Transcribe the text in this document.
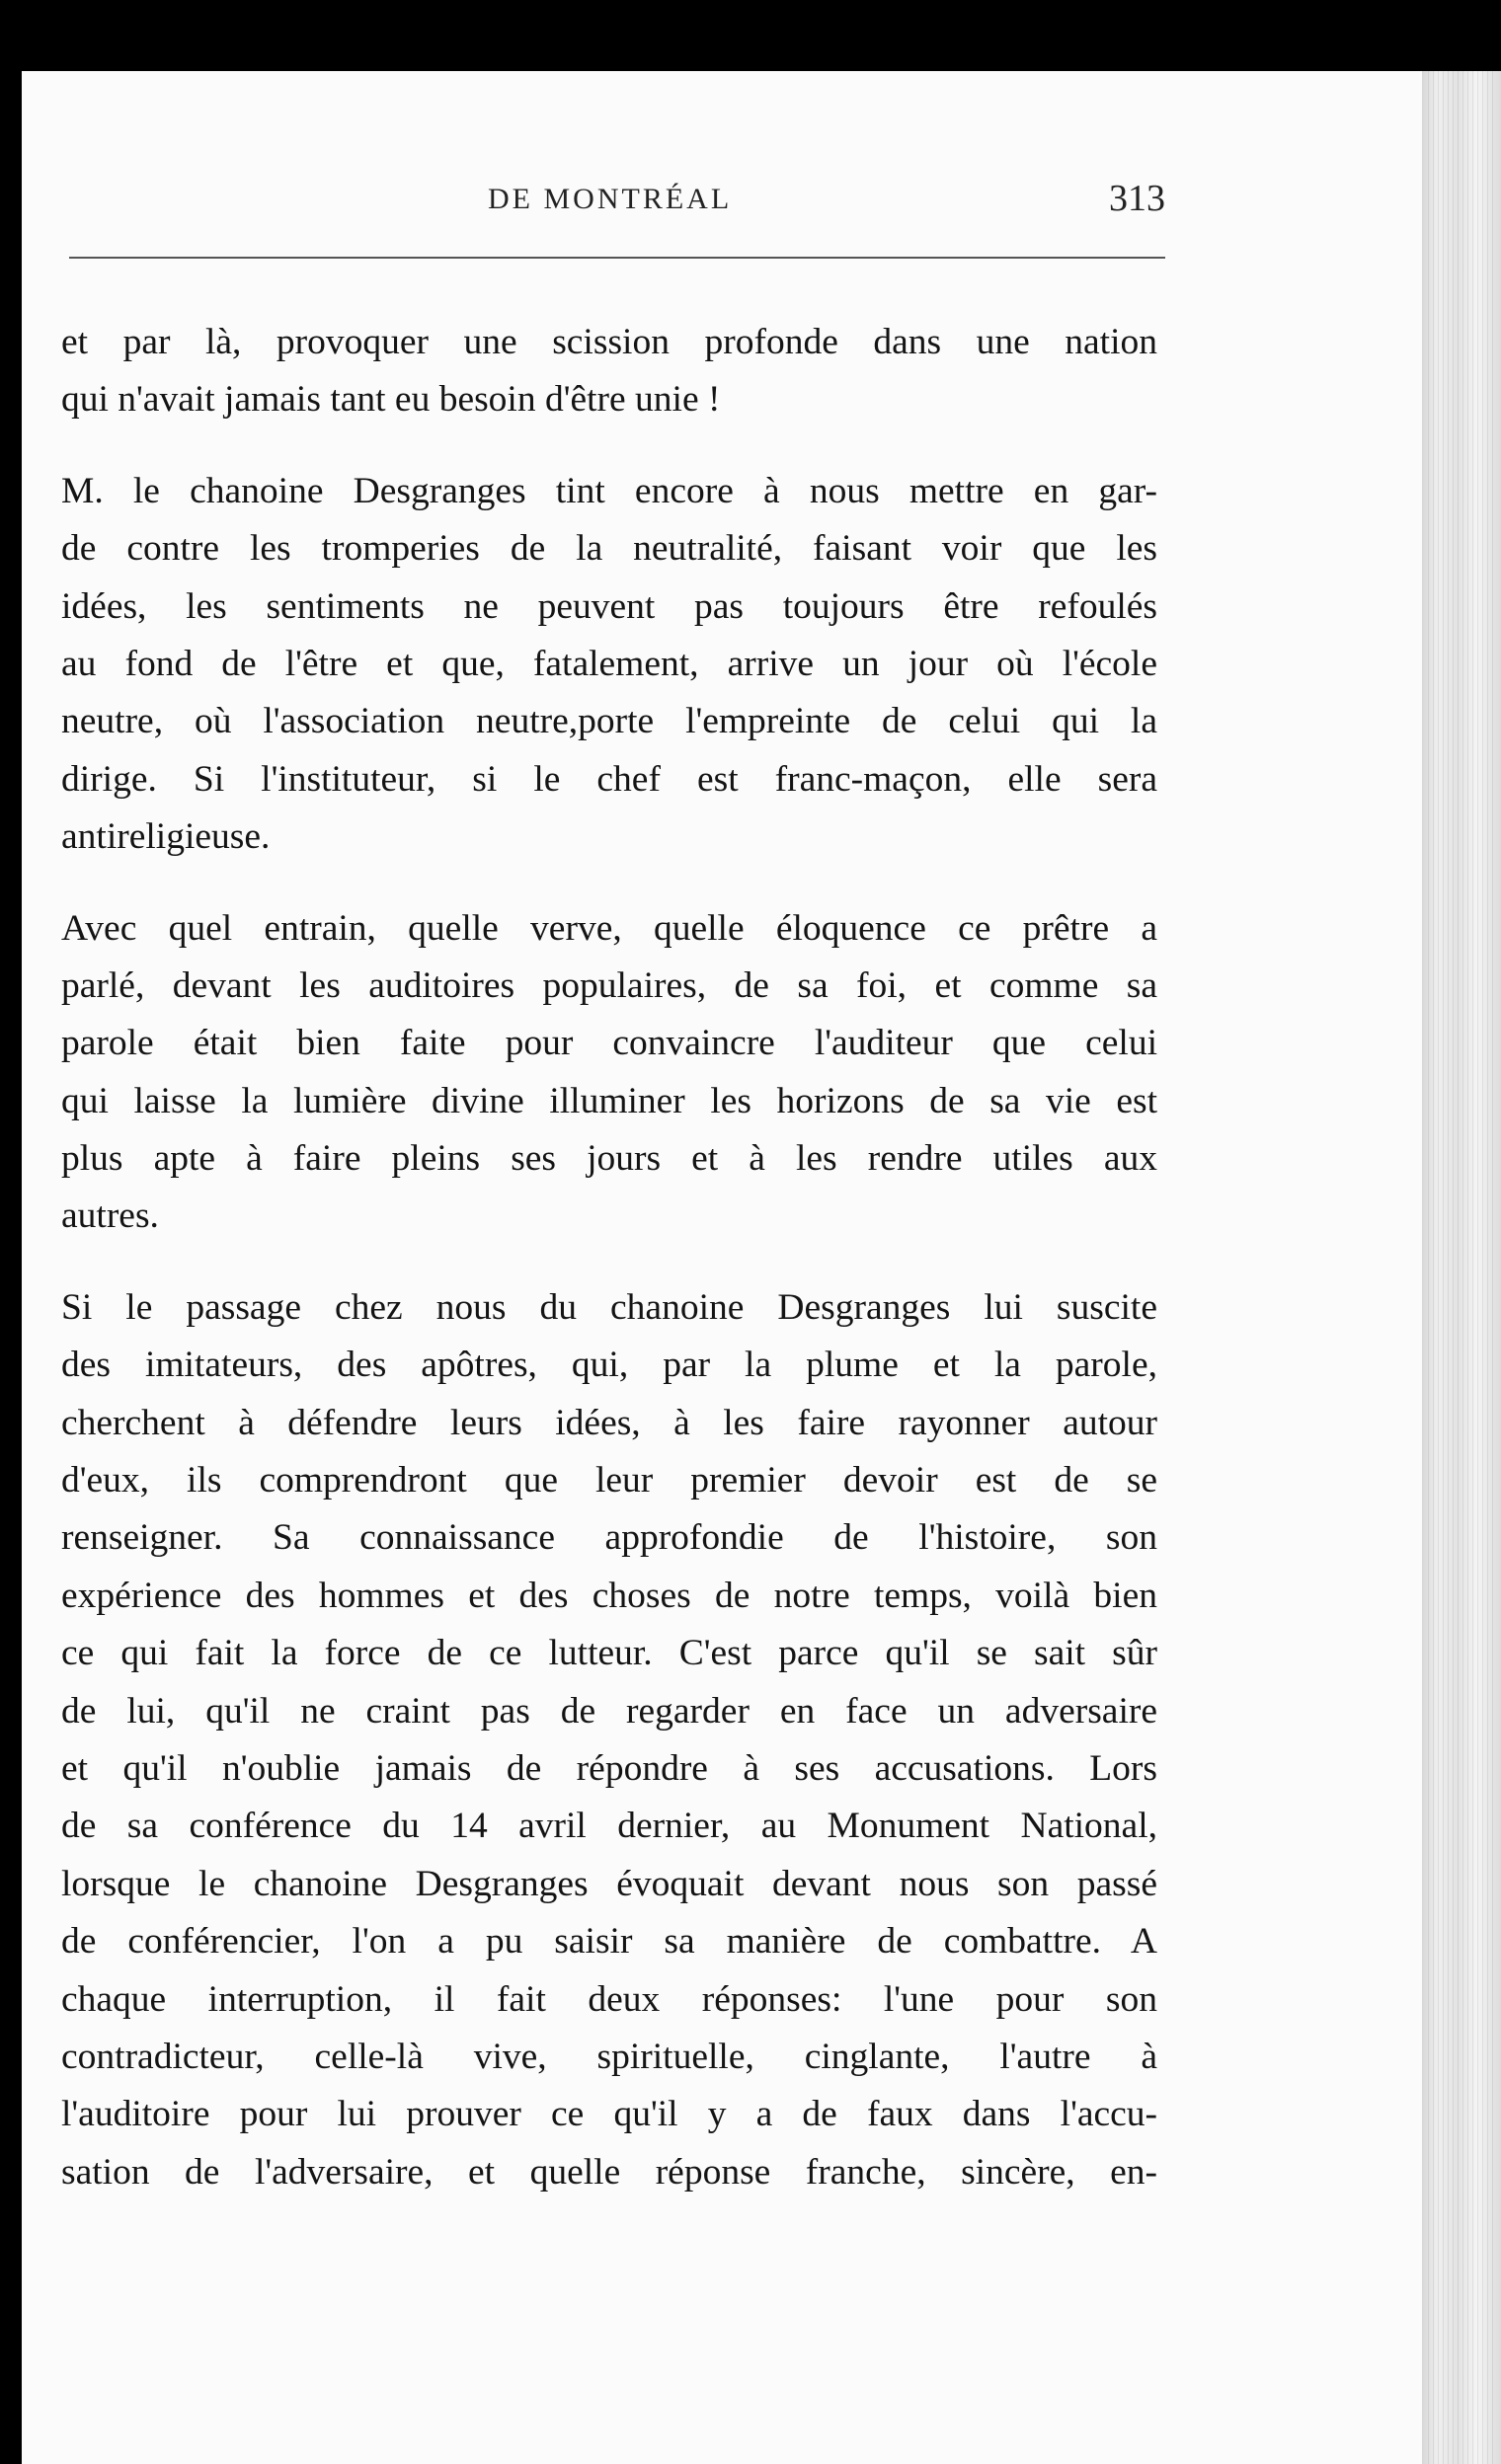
DE MONTRÉAL	313
et par là, provoquer une scission profonde dans une nation
qui n'avait jamais tant eu besoin d'être unie !
M. le chanoine Desgranges tint encore à nous mettre en gar-
de contre les tromperies de la neutralité, faisant voir que les
idées, les sentiments ne peuvent pas toujours être refoulés
au fond de l'être et que, fatalement, arrive un jour où l'école
neutre, où l'association neutre,porte l'empreinte de celui qui la
dirige. Si l'instituteur, si le chef est franc-maçon, elle sera
antireligieuse.
Avec quel entrain, quelle verve, quelle éloquence ce prêtre a
parlé, devant les auditoires populaires, de sa foi, et comme sa
parole était bien faite pour convaincre l'auditeur que celui
qui laisse la lumière divine illuminer les horizons de sa vie est
plus apte à faire pleins ses jours et à les rendre utiles aux
autres.
Si le passage chez nous du chanoine Desgranges lui suscite
des imitateurs, des apôtres, qui, par la plume et la parole,
cherchent à défendre leurs idées, à les faire rayonner autour
d'eux, ils comprendront que leur premier devoir est de se
renseigner. Sa connaissance approfondie de l'histoire, son
expérience des hommes et des choses de notre temps, voilà bien
ce qui fait la force de ce lutteur. C'est parce qu'il se sait sûr
de lui, qu'il ne craint pas de regarder en face un adversaire
et qu'il n'oublie jamais de répondre à ses accusations. Lors
de sa conférence du 14 avril dernier, au Monument National,
lorsque le chanoine Desgranges évoquait devant nous son passé
de conférencier, l'on a pu saisir sa manière de combattre. A
chaque interruption, il fait deux réponses: l'une pour son
contradicteur, celle-là vive, spirituelle, cinglante, l'autre à
l'auditoire pour lui prouver ce qu'il y a de faux dans l'accu-
sation de l'adversaire, et quelle réponse franche, sincère, en-
